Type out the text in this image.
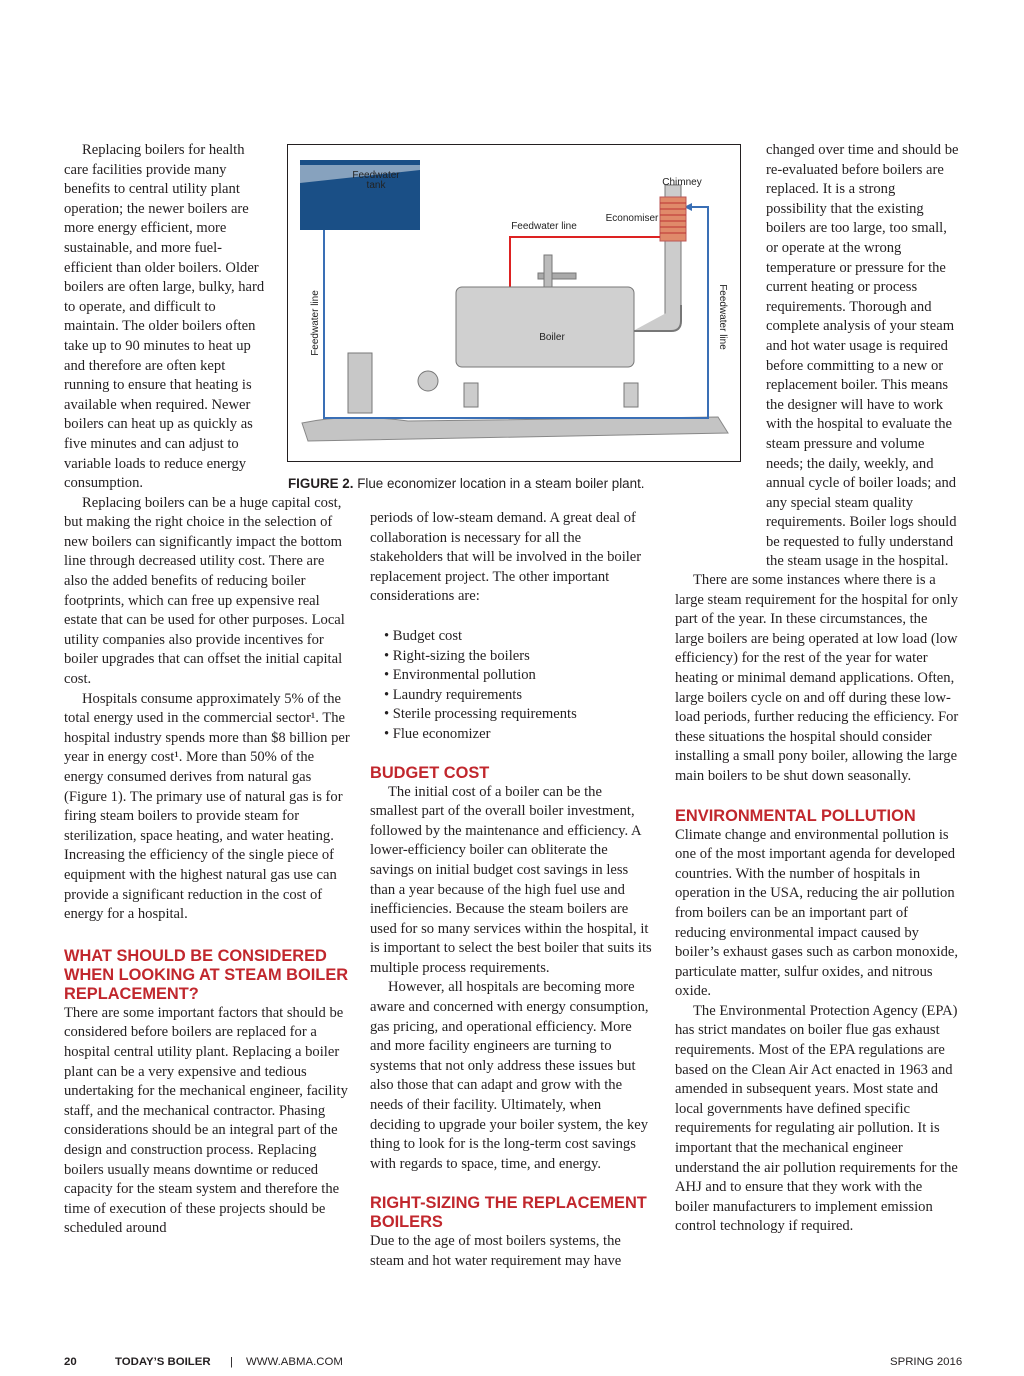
Replacing boilers for health care facilities provide many benefits to central utility plant operation; the newer boilers are more energy efficient, more sustainable, and more fuel-efficient than older boilers. Older boilers are often large, bulky, hard to operate, and difficult to maintain. The older boilers often take up to 90 minutes to heat up and therefore are often kept running to ensure that heating is available when required. Newer boilers can heat up as quickly as five minutes and can adjust to variable loads to reduce energy consumption.

Replacing boilers can be a huge capital cost, but making the right choice in the selection of new boilers can significantly impact the bottom line through decreased utility cost. There are also the added benefits of reducing boiler footprints, which can free up expensive real estate that can be used for other purposes. Local utility companies also provide incentives for boiler upgrades that can offset the initial capital cost.

Hospitals consume approximately 5% of the total energy used in the commercial sector¹. The hospital industry spends more than $8 billion per year in energy cost¹. More than 50% of the energy consumed derives from natural gas (Figure 1). The primary use of natural gas is for firing steam boilers to provide steam for sterilization, space heating, and water heating. Increasing the efficiency of the single piece of equipment with the highest natural gas use can provide a significant reduction in the cost of energy for a hospital.

WHAT SHOULD BE CONSIDERED WHEN LOOKING AT STEAM BOILER REPLACEMENT?

There are some important factors that should be considered before boilers are replaced for a hospital central utility plant. Replacing a boiler plant can be a very expensive and tedious undertaking for the mechanical engineer, facility staff, and the mechanical contractor. Phasing considerations should be an integral part of the design and construction process. Replacing boilers usually means downtime or reduced capacity for the steam system and therefore the time of execution of these projects should be scheduled around

Feedwater
tank	Chimney
Economiser
Feedwater line
Boiler
Feedwater line	Feedwater line
FIGURE 2. Flue economizer location in a steam boiler plant.

periods of low-steam demand. A great deal of collaboration is necessary for all the stakeholders that will be involved in the boiler replacement project. The other important considerations are:

• Budget cost
• Right-sizing the boilers
• Environmental pollution
• Laundry requirements
• Sterile processing requirements
• Flue economizer
BUDGET COST

The initial cost of a boiler can be the smallest part of the overall boiler investment, followed by the maintenance and efficiency. A lower-efficiency boiler can obliterate the savings on initial budget cost savings in less than a year because of the high fuel use and inefficiencies. Because the steam boilers are used for so many services within the hospital, it is important to select the best boiler that suits its multiple process requirements.

However, all hospitals are becoming more aware and concerned with energy consumption, gas pricing, and operational efficiency. More and more facility engineers are turning to systems that not only address these issues but also those that can adapt and grow with the needs of their facility. Ultimately, when deciding to upgrade your boiler system, the key thing to look for is the long-term cost savings with regards to space, time, and energy.

RIGHT-SIZING THE REPLACEMENT BOILERS

Due to the age of most boilers systems, the steam and hot water requirement may have

changed over time and should be re-evaluated before boilers are replaced. It is a strong possibility that the existing boilers are too large, too small, or operate at the wrong temperature or pressure for the current heating or process requirements. Thorough and complete analysis of your steam and hot water usage is required before committing to a new or replacement boiler. This means the designer will have to work with the hospital to evaluate the steam pressure and volume needs; the daily, weekly, and annual cycle of boiler loads; and any special steam quality requirements. Boiler logs should be requested to fully understand the steam usage in the hospital.

There are some instances where there is a large steam requirement for the hospital for only part of the year. In these circumstances, the large boilers are being operated at low load (low efficiency) for the rest of the year for water heating or minimal demand applications. Often, large boilers cycle on and off during these low-load periods, further reducing the efficiency. For these situations the hospital should consider installing a small pony boiler, allowing the large main boilers to be shut down seasonally.

ENVIRONMENTAL POLLUTION

Climate change and environmental pollution is one of the most important agenda for developed countries. With the number of hospitals in operation in the USA, reducing the air pollution from boilers can be an important part of reducing environmental impact caused by boiler’s exhaust gases such as carbon monoxide, particulate matter, sulfur oxides, and nitrous oxide.

The Environmental Protection Agency (EPA) has strict mandates on boiler flue gas exhaust requirements. Most of the EPA regulations are based on the Clean Air Act enacted in 1963 and amended in subsequent years. Most state and local governments have defined specific requirements for regulating air pollution. It is important that the mechanical engineer understand the air pollution requirements for the AHJ and to ensure that they work with the boiler manufacturers to implement emission control technology if required.

20	TODAY’S BOILER | WWW.ABMA.COM	SPRING 2016
